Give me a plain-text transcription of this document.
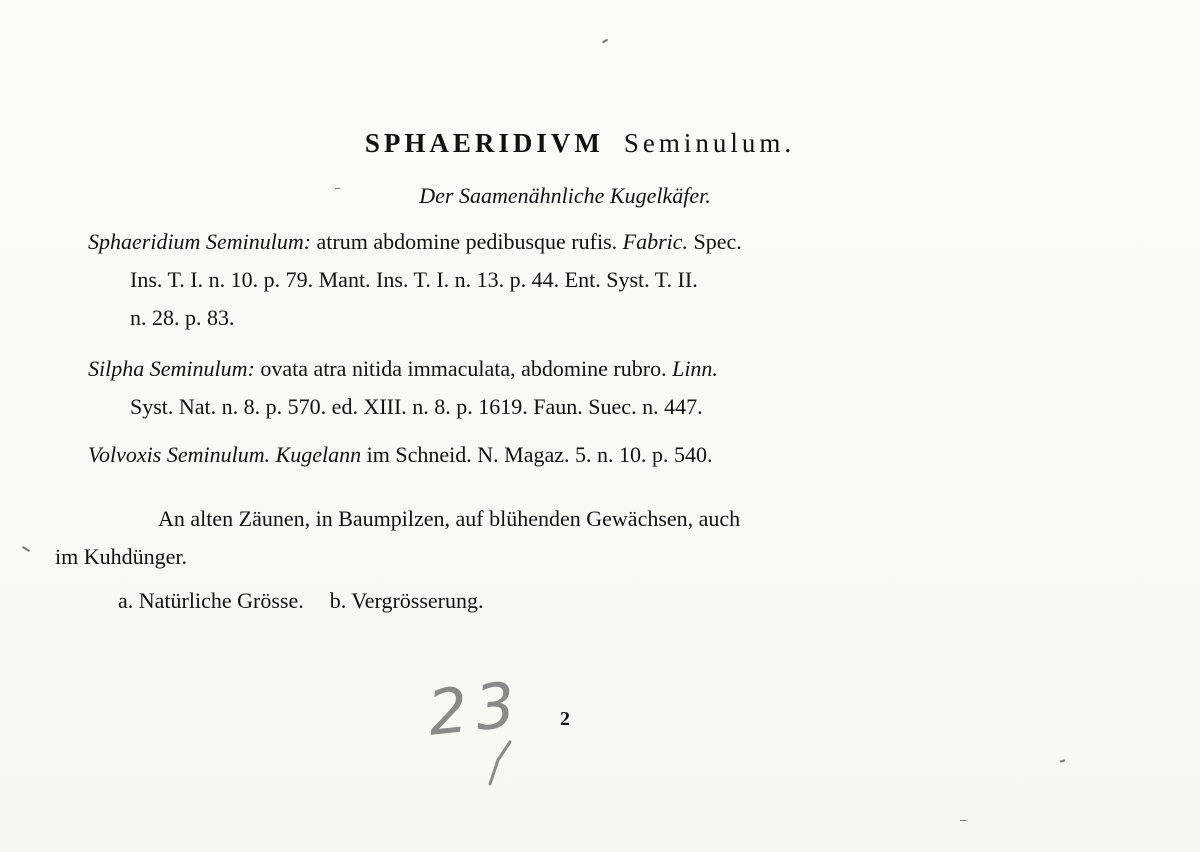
SPHAERIDIVM Seminulum.
Der Saamenähnliche Kugelkäfer.
Sphaeridium Seminulum: atrum abdomine pedibusque rufis. Fabric. Spec.
Ins. T. I. n. 10. p. 79. Mant. Ins. T. I. n. 13. p. 44. Ent. Syst. T. II.
n. 28. p. 83.
Silpha Seminulum: ovata atra nitida immaculata, abdomine rubro. Linn.
Syst. Nat. n. 8. p. 570. ed. XIII. n. 8. p. 1619. Faun. Suec. n. 447.
Volvoxis Seminulum. Kugelann im Schneid. N. Magaz. 5. n. 10. p. 540.
An alten Zäunen, in Baumpilzen, auf blühenden Gewächsen, auch
im Kuhdünger.
a. Natürliche Grösse. b. Vergrösserung.
23 2
